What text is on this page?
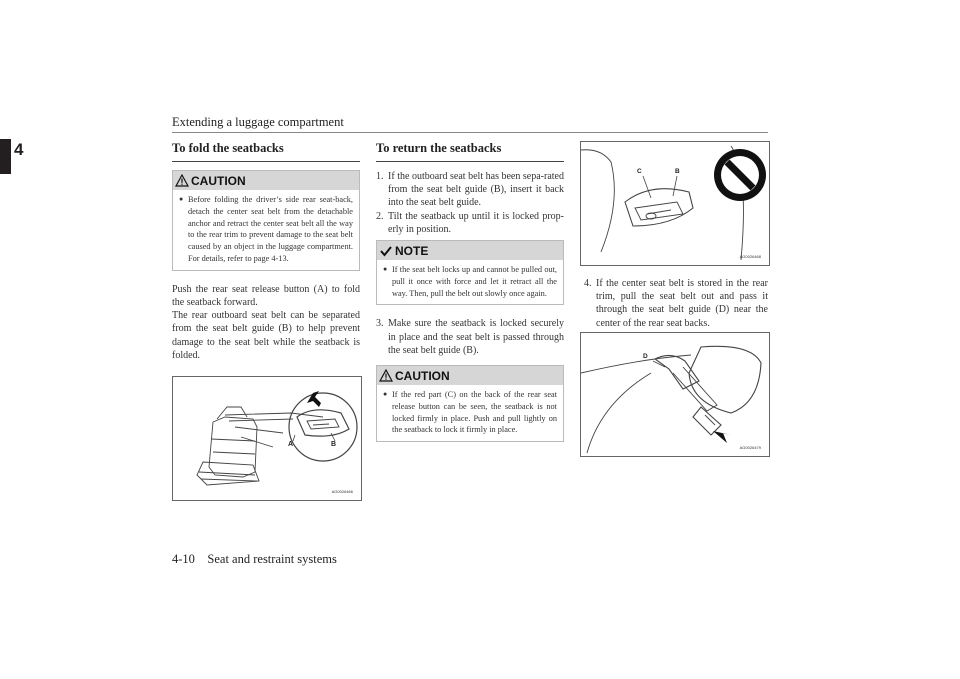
Extending a luggage compartment
4	To fold the seatbacks
CAUTION
● Before folding the driver’s side rear seat-back, detach the center seat belt from the detachable anchor and retract the center seat belt all the way to the rear trim to prevent damage to the seat belt caused by an object in the luggage compartment. For details, refer to page 4-13.

Push the rear seat release button (A) to fold the seatback forward.

The rear outboard seat belt can be separated from the seat belt guide (B) to help prevent damage to the seat belt while the seatback is folded.

A	B
AG0026466
To return the seatbacks
1. If the outboard seat belt has been sepa-rated from the seat belt guide (B), insert it back into the seat belt guide.
2. Tilt the seatback up until it is locked prop-erly in position.
NOTE
● If the seat belt locks up and cannot be pulled out, pull it once with force and let it retract all the way. Then, pull the belt out slowly once again.
3. Make sure the seatback is locked securely in place and the seat belt is passed through the seat belt guide (B).
CAUTION
● If the red part (C) on the back of the rear seat release button can be seen, the seatback is not locked firmly in place. Push and pull lightly on the seatback to lock it firmly in place.
C	B
AG0026468
4. If the center seat belt is stored in the rear trim, pull the seat belt out and pass it through the seat belt guide (D) near the center of the rear seat backs.
D
AG0026479
4-10    Seat and restraint systems
